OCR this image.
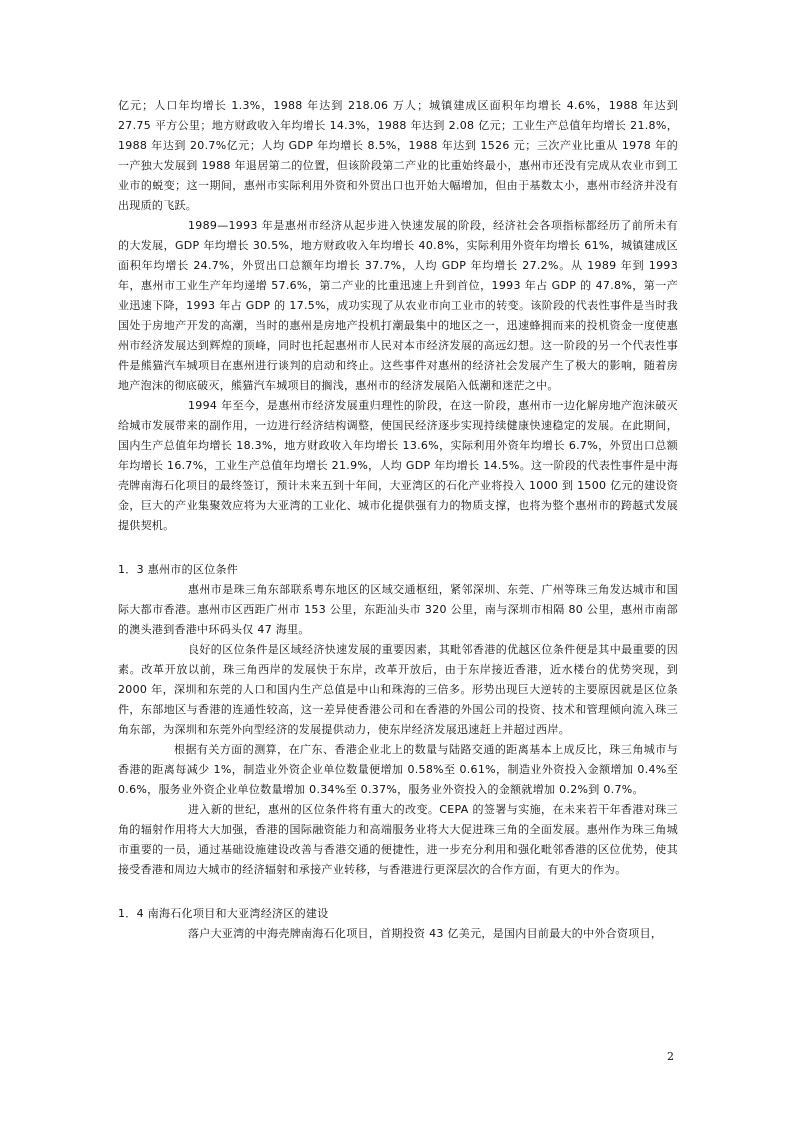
亿元；人口年均增长 1.3%，1988 年达到 218.06 万人；城镇建成区面积年均增长 4.6%，1988 年达到 27.75 平方公里；地方财政收入年均增长 14.3%，1988 年达到 2.08 亿元；工业生产总值年均增长 21.8%，1988 年达到 20.7%亿元；人均 GDP 年均增长 8.5%，1988 年达到 1526 元；三次产业比重从 1978 年的一产独大发展到 1988 年退居第二的位置，但该阶段第二产业的比重始终最小，惠州市还没有完成从农业市到工业市的蜕变；这一期间，惠州市实际利用外资和外贸出口也开始大幅增加，但由于基数太小，惠州市经济并没有出现质的飞跃。

1989—1993 年是惠州市经济从起步进入快速发展的阶段，经济社会各项指标都经历了前所未有的大发展，GDP 年均增长 30.5%，地方财政收入年均增长 40.8%，实际利用外资年均增长 61%，城镇建成区面积年均增长 24.7%，外贸出口总额年均增长 37.7%，人均 GDP 年均增长 27.2%。从 1989 年到 1993 年，惠州市工业生产年均递增 57.6%，第二产业的比重迅速上升到首位，1993 年占 GDP 的 47.8%，第一产业迅速下降，1993 年占 GDP 的 17.5%，成功实现了从农业市向工业市的转变。该阶段的代表性事件是当时我国处于房地产开发的高潮，当时的惠州是房地产投机打潮最集中的地区之一，迅速蜂拥而来的投机资金一度使惠州市经济发展达到辉煌的顶峰，同时也托起惠州市人民对本市经济发展的高远幻想。这一阶段的另一个代表性事件是熊猫汽车城项目在惠州进行谈判的启动和终止。这些事件对惠州的经济社会发展产生了极大的影响，随着房地产泡沫的彻底破灭，熊猫汽车城项目的搁浅，惠州市的经济发展陷入低潮和迷茫之中。

1994 年至今，是惠州市经济发展重归理性的阶段，在这一阶段，惠州市一边化解房地产泡沫破灭给城市发展带来的副作用，一边进行经济结构调整，使国民经济逐步实现持续健康快速稳定的发展。在此期间，国内生产总值年均增长 18.3%，地方财政收入年均增长 13.6%，实际利用外资年均增长 6.7%，外贸出口总额年均增长 16.7%，工业生产总值年均增长 21.9%，人均 GDP 年均增长 14.5%。这一阶段的代表性事件是中海壳牌南海石化项目的最终签订，预计未来五到十年间，大亚湾区的石化产业将投入 1000 到 1500 亿元的建设资金，巨大的产业集聚效应将为大亚湾的工业化、城市化提供强有力的物质支撑，也将为整个惠州市的跨越式发展提供契机。

1．3 惠州市的区位条件

惠州市是珠三角东部联系粤东地区的区域交通枢纽，紧邻深圳、东莞、广州等珠三角发达城市和国际大都市香港。惠州市区西距广州市 153 公里，东距汕头市 320 公里，南与深圳市相隔 80 公里，惠州市南部的澳头港到香港中环码头仅 47 海里。

良好的区位条件是区域经济快速发展的重要因素，其毗邻香港的优越区位条件便是其中最重要的因素。改革开放以前，珠三角西岸的发展快于东岸，改革开放后，由于东岸接近香港，近水楼台的优势突现，到 2000 年，深圳和东莞的人口和国内生产总值是中山和珠海的三倍多。形势出现巨大逆转的主要原因就是区位条件，东部地区与香港的连通性较高，这一差异使香港公司和在香港的外国公司的投资、技术和管理倾向流入珠三角东部，为深圳和东莞外向型经济的发展提供动力，使东岸经济发展迅速赶上并超过西岸。

根据有关方面的测算，在广东、香港企业北上的数量与陆路交通的距离基本上成反比，珠三角城市与香港的距离每减少 1%，制造业外资企业单位数量便增加 0.58%至 0.61%，制造业外资投入金额增加 0.4%至 0.6%，服务业外资企业单位数量增加 0.34%至 0.37%，服务业外资投入的金额就增加 0.2%到 0.7%。

进入新的世纪，惠州的区位条件将有重大的改变。CEPA 的签署与实施，在未来若干年香港对珠三角的辐射作用将大大加强，香港的国际融资能力和高端服务业将大大促进珠三角的全面发展。惠州作为珠三角城市重要的一员，通过基础设施建设改善与香港交通的便捷性，进一步充分利用和强化毗邻香港的区位优势，使其接受香港和周边大城市的经济辐射和承接产业转移，与香港进行更深层次的合作方面，有更大的作为。

1．4 南海石化项目和大亚湾经济区的建设

落户大亚湾的中海壳牌南海石化项目，首期投资 43 亿美元，是国内目前最大的中外合资项目，

2
